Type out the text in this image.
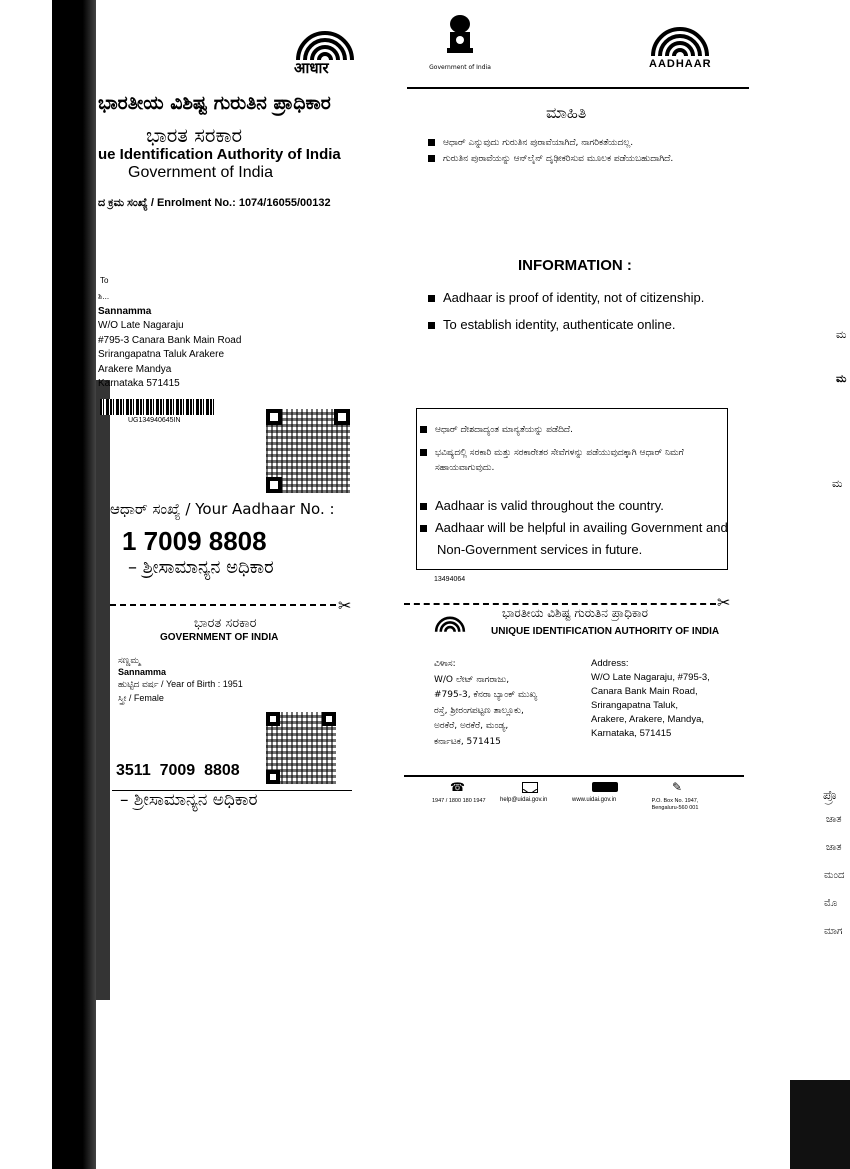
आधार	Government of India	AADHAAR
ಭಾರತೀಯ ವಿಶಿಷ್ಟ ಗುರುತಿನ ಪ್ರಾಧಿಕಾರ
ಭಾರತ ಸರಕಾರ
ue Identification Authority of India
Government of India
ದ ಕ್ರಮ ಸಂಖ್ಯೆ / Enrolment No.: 1074/16055/00132
To
ಶಿ...
Sannamma
W/O Late Nagaraju
#795-3 Canara Bank Main Road
Srirangapatna Taluk Arakere
Arakere Mandya
Karnataka 571415
UG134940645IN
ಆಧಾರ್ ಸಂಖ್ಯೆ / Your Aadhaar No. :
1 7009 8808
– ಶ್ರೀಸಾಮಾನ್ಯನ ಅಧಿಕಾರ
✂
ಭಾರತ ಸರಕಾರ
GOVERNMENT OF INDIA
ಸಣ್ಣಮ್ಮ
Sannamma
ಹುಟ್ಟಿದ ವರ್ಷ / Year of Birth : 1951
ಸ್ತ್ರೀ / Female
3511  7009  8808
– ಶ್ರೀಸಾಮಾನ್ಯನ ಅಧಿಕಾರ
ಮಾಹಿತಿ
ಆಧಾರ್ ಎನ್ನುವುದು ಗುರುತಿನ ಪುರಾವೆಯಾಗಿದೆ, ನಾಗರಿಕತೆಯದಲ್ಲ.
ಗುರುತಿನ ಪುರಾವೆಯನ್ನು ಆನ್‌ಲೈನ್ ದೃಢೀಕರಿಸುವ ಮೂಲಕ ಪಡೆಯಬಹುದಾಗಿದೆ.
INFORMATION :
Aadhaar is proof of identity, not of citizenship.
To establish identity, authenticate online.
ಆಧಾರ್ ದೇಶದಾದ್ಯಂತ ಮಾನ್ಯತೆಯನ್ನು ಪಡೆದಿದೆ.
ಭವಿಷ್ಯದಲ್ಲಿ ಸರಕಾರಿ ಮತ್ತು ಸರಕಾರೇತರ ಸೇವೆಗಳನ್ನು ಪಡೆಯುವುದಕ್ಕಾಗಿ ಆಧಾರ್ ನಿಮಗೆ ಸಹಾಯವಾಗುವುದು.
Aadhaar is valid throughout the country.
Aadhaar will be helpful in availing Government and Non-Government services in future.
13494064
✂
ಭಾರತೀಯ ವಿಶಿಷ್ಟ ಗುರುತಿನ ಪ್ರಾಧಿಕಾರ
UNIQUE IDENTIFICATION AUTHORITY OF INDIA
ವಿಳಾಸ:
W/O ಲೇಟ್ ನಾಗರಾಜು,
#795-3, ಕೆನರಾ ಬ್ಯಾಂಕ್ ಮುಖ್ಯ
ರಸ್ತೆ, ಶ್ರೀರಂಗಪಟ್ಟಣ ತಾಲ್ಲೂಕು,
ಅರಕೆರೆ, ಅರಕೆರೆ, ಮಂಡ್ಯ,
ಕರ್ನಾಟಕ, 571415
Address:
W/O Late Nagaraju, #795-3,
Canara Bank Main Road,
Srirangapatna Taluk,
Arakere, Arakere, Mandya,
Karnataka, 571415
☎
1947 / 1800 180 1947 help@uidai.gov.in	www.uidai.gov.in
✎
P.O. Box No. 1947, Bengaluru-560 001
ಮ
ಮ
ಮ
ಪ್ರೊ
ಜಾತ
ಜಾತ
ಮಂದ
ಮೊ
ಮಾಗ
